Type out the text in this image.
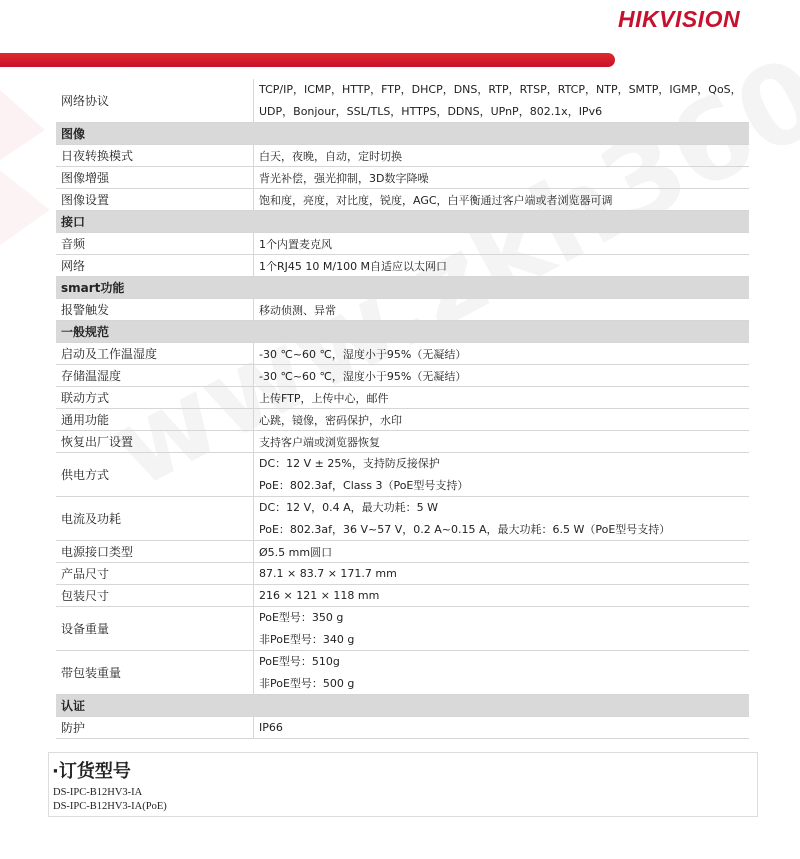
HIKVISION
网络协议	TCP/IP，ICMP，HTTP，FTP，DHCP，DNS，RTP，RTSP，RTCP，NTP，SMTP，IGMP，QoS，
UDP，Bonjour，SSL/TLS，HTTPS，DDNS，UPnP，802.1x，IPv6

图像	
日夜转换模式	白天，夜晚，自动，定时切换
图像增强	背光补偿，强光抑制，3D数字降噪
图像设置	饱和度，亮度，对比度，锐度，AGC，白平衡通过客户端或者浏览器可调
接口	
音频	1个内置麦克风
网络	1个RJ45 10 M/100 M自适应以太网口
smart功能	
报警触发	移动侦测、异常
一般规范	
启动及工作温湿度	-30 ℃~60 ℃，湿度小于95%（无凝结）
存储温湿度	-30 ℃~60 ℃，湿度小于95%（无凝结）
联动方式	上传FTP，上传中心，邮件
通用功能	心跳，镜像，密码保护，水印
恢复出厂设置	支持客户端或浏览器恢复
供电方式	DC：12 V ± 25%，支持防反接保护
PoE：802.3af，Class 3（PoE型号支持）

电流及功耗	DC：12 V，0.4 A，最大功耗：5 W
PoE：802.3af，36 V~57 V，0.2 A~0.15 A，最大功耗：6.5 W（PoE型号支持）

电源接口类型	Ø5.5 mm圆口
产品尺寸	87.1 × 83.7 × 171.7 mm
包装尺寸	216 × 121 × 118 mm
设备重量	PoE型号：350 g
非PoE型号：340 g

带包装重量	PoE型号：510g
非PoE型号：500 g

认证	
防护	IP66
·订货型号
DS-IPC-B12HV3-IA
DS-IPC-B12HV3-IA(PoE)
